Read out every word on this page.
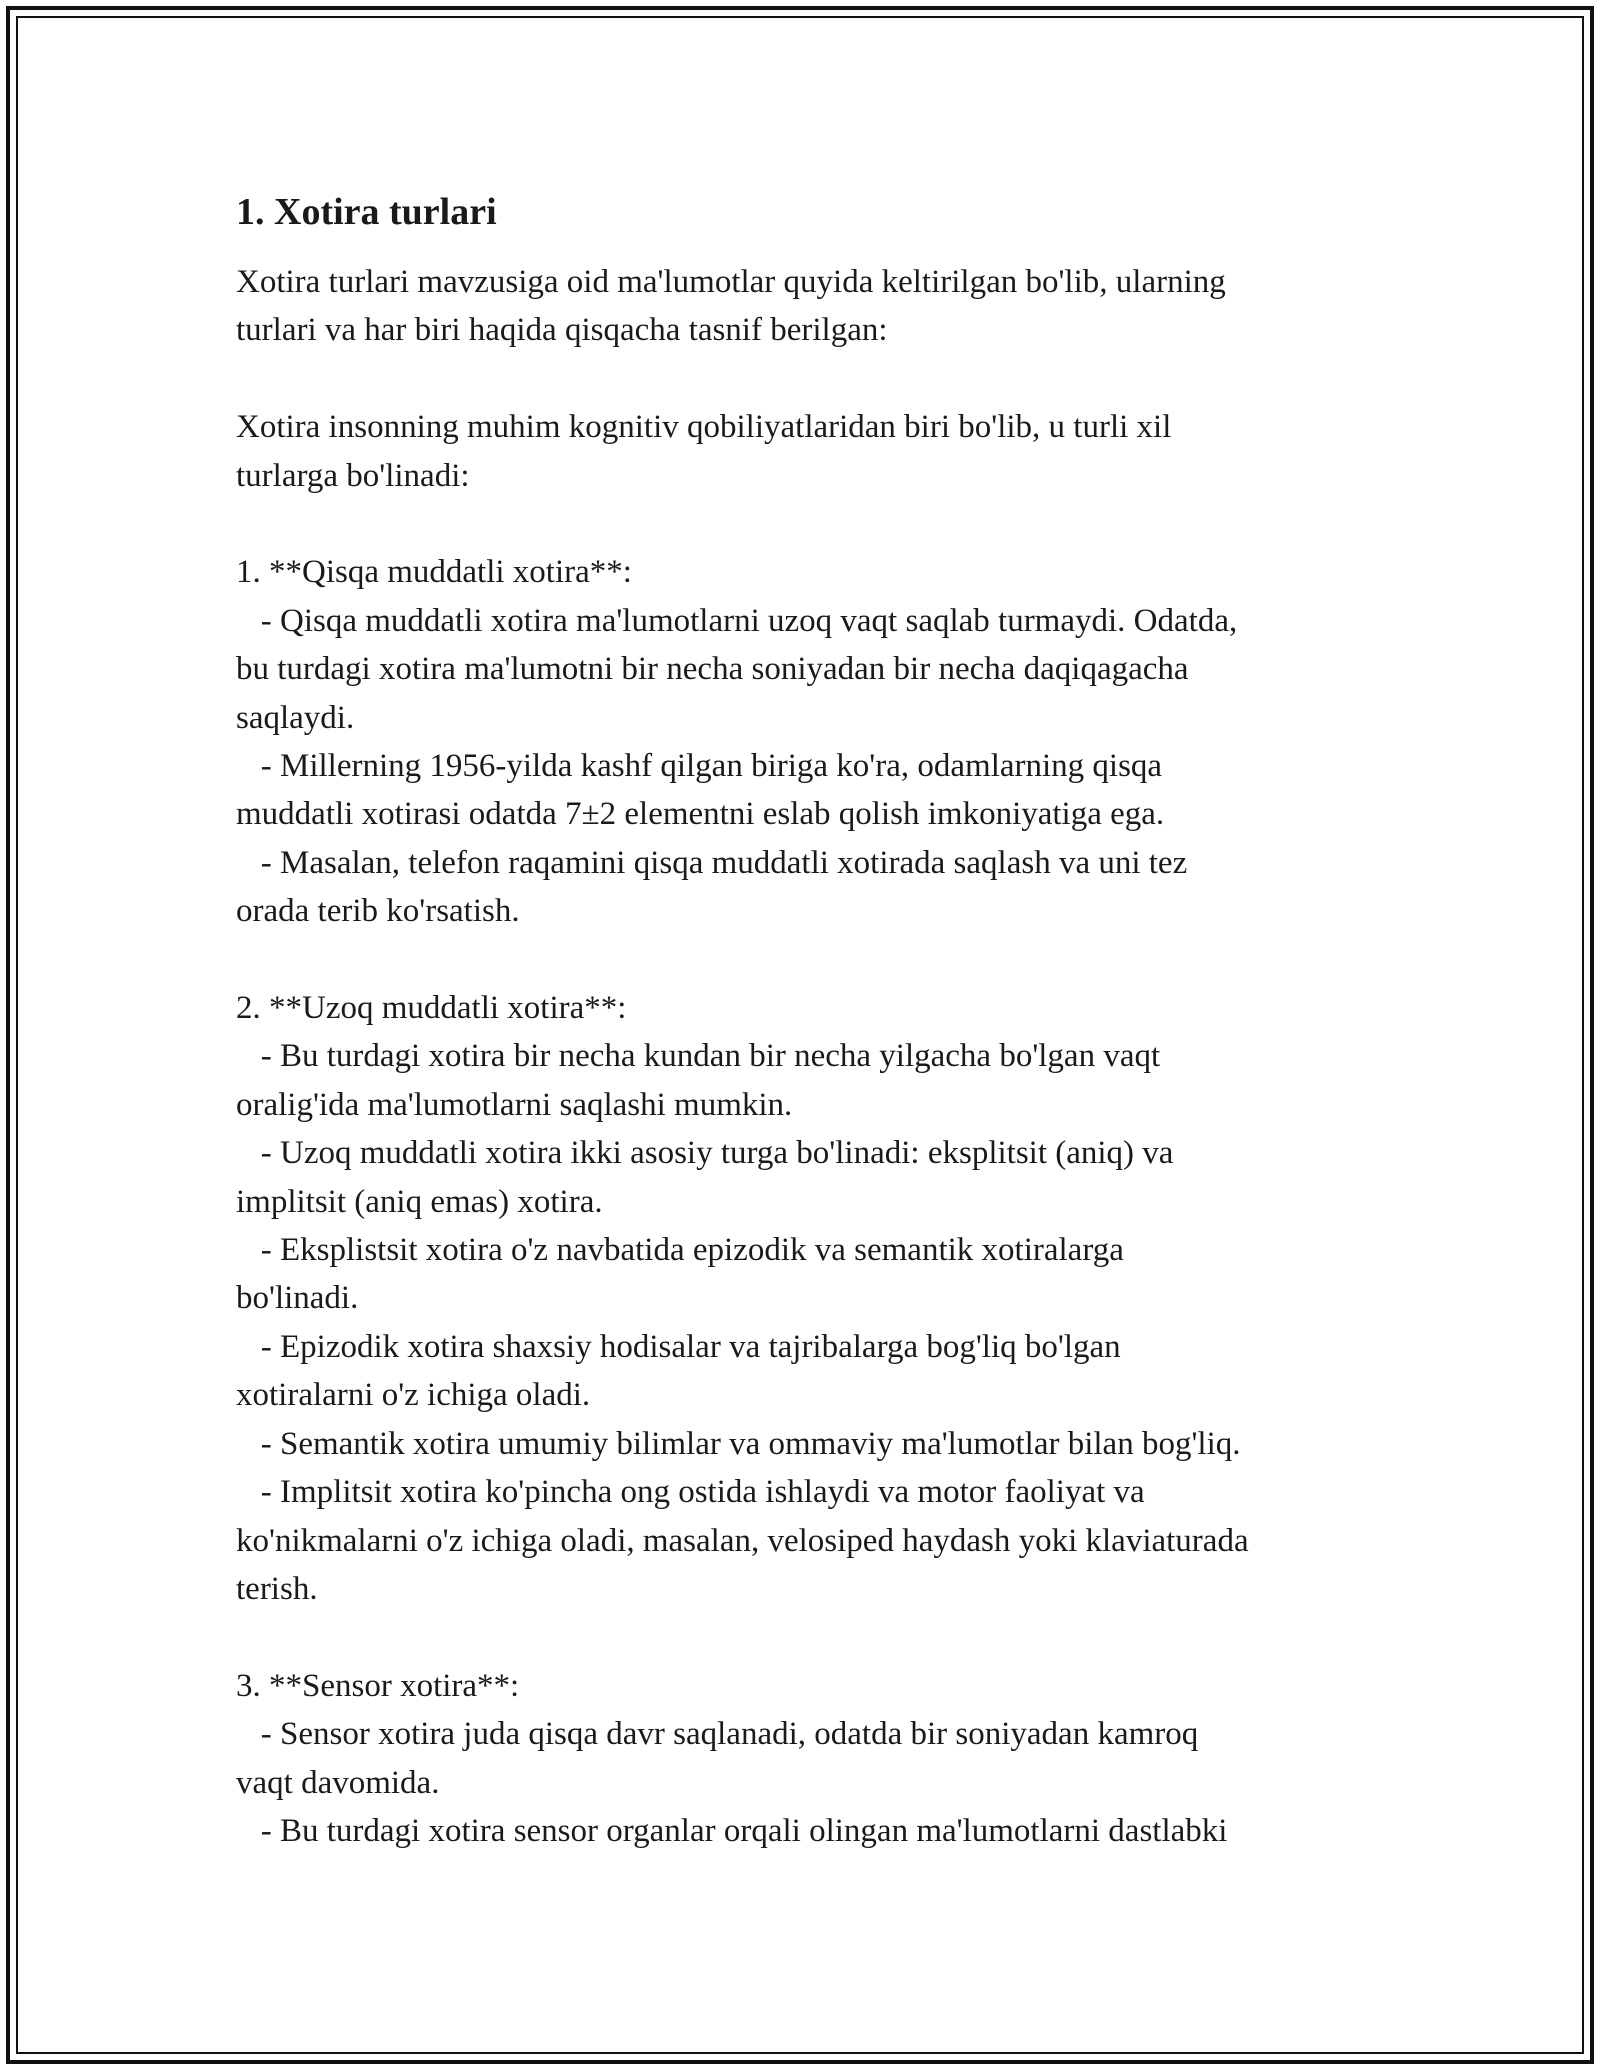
1. Xotira turlari

Xotira turlari mavzusiga oid ma'lumotlar quyida keltirilgan bo'lib, ularning

turlari va har biri haqida qisqacha tasnif berilgan:

Xotira insonning muhim kognitiv qobiliyatlaridan biri bo'lib, u turli xil

turlarga bo'linadi:

1. **Qisqa muddatli xotira**:

- Qisqa muddatli xotira ma'lumotlarni uzoq vaqt saqlab turmaydi. Odatda,

bu turdagi xotira ma'lumotni bir necha soniyadan bir necha daqiqagacha

saqlaydi.

- Millerning 1956-yilda kashf qilgan biriga ko'ra, odamlarning qisqa

muddatli xotirasi odatda 7±2 elementni eslab qolish imkoniyatiga ega.

- Masalan, telefon raqamini qisqa muddatli xotirada saqlash va uni tez

orada terib ko'rsatish.

2. **Uzoq muddatli xotira**:

- Bu turdagi xotira bir necha kundan bir necha yilgacha bo'lgan vaqt

oralig'ida ma'lumotlarni saqlashi mumkin.

- Uzoq muddatli xotira ikki asosiy turga bo'linadi: eksplitsit (aniq) va

implitsit (aniq emas) xotira.

- Eksplistsit xotira o'z navbatida epizodik va semantik xotiralarga

bo'linadi.

- Epizodik xotira shaxsiy hodisalar va tajribalarga bog'liq bo'lgan

xotiralarni o'z ichiga oladi.

- Semantik xotira umumiy bilimlar va ommaviy ma'lumotlar bilan bog'liq.

- Implitsit xotira ko'pincha ong ostida ishlaydi va motor faoliyat va

ko'nikmalarni o'z ichiga oladi, masalan, velosiped haydash yoki klaviaturada

terish.

3. **Sensor xotira**:

- Sensor xotira juda qisqa davr saqlanadi, odatda bir soniyadan kamroq

vaqt davomida.

- Bu turdagi xotira sensor organlar orqali olingan ma'lumotlarni dastlabki
